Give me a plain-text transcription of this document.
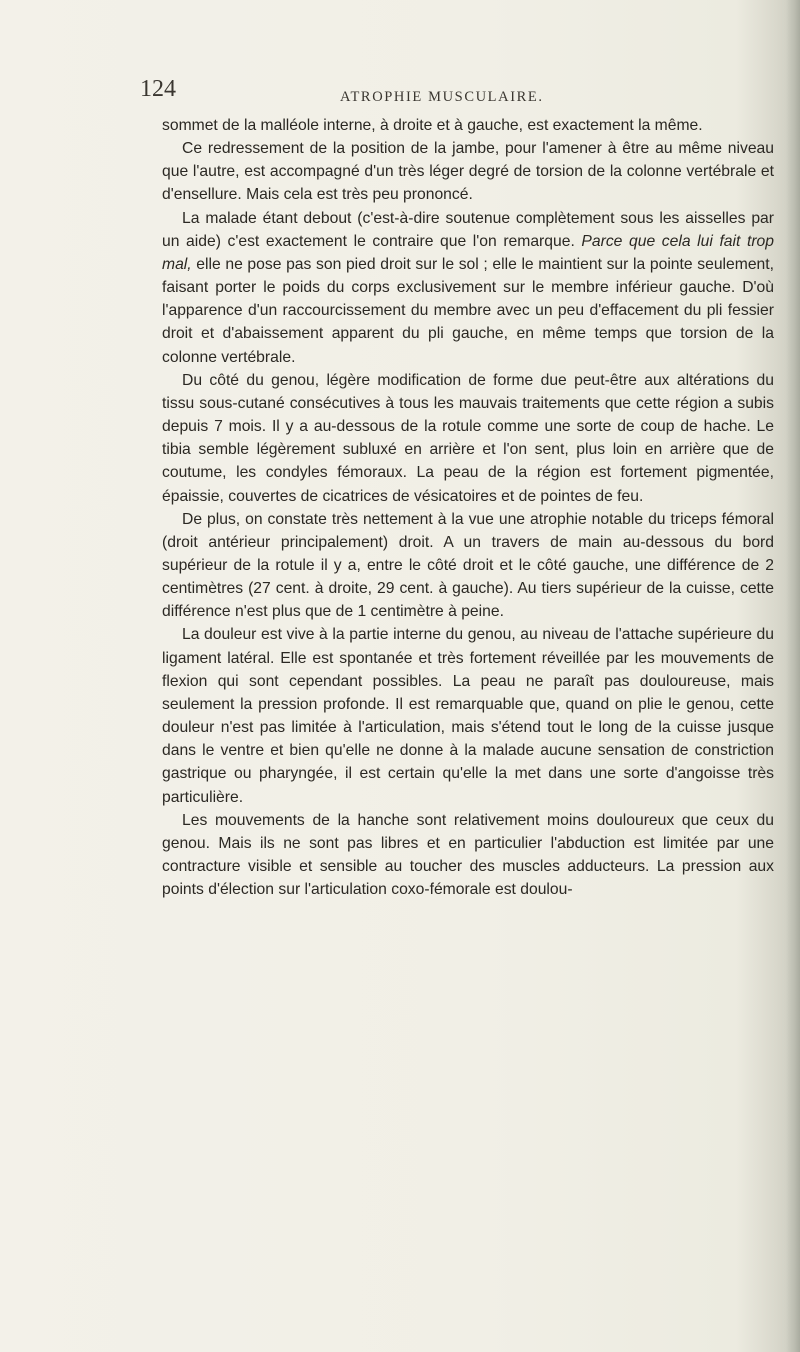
124	ATROPHIE MUSCULAIRE.

sommet de la malléole interne, à droite et à gauche, est exactement la même.

Ce redressement de la position de la jambe, pour l'amener à être au même niveau que l'autre, est accompagné d'un très léger degré de torsion de la colonne vertébrale et d'ensellure. Mais cela est très peu prononcé.

La malade étant debout (c'est-à-dire soutenue complètement sous les aisselles par un aide) c'est exactement le contraire que l'on remarque. Parce que cela lui fait trop mal, elle ne pose pas son pied droit sur le sol ; elle le maintient sur la pointe seulement, faisant porter le poids du corps exclusivement sur le membre inférieur gauche. D'où l'apparence d'un raccourcissement du membre avec un peu d'effacement du pli fessier droit et d'abaissement apparent du pli gauche, en même temps que torsion de la colonne vertébrale.

Du côté du genou, légère modification de forme due peut-être aux altérations du tissu sous-cutané consécutives à tous les mauvais traitements que cette région a subis depuis 7 mois. Il y a au-dessous de la rotule comme une sorte de coup de hache. Le tibia semble légèrement subluxé en arrière et l'on sent, plus loin en arrière que de coutume, les condyles fémoraux. La peau de la région est fortement pigmentée, épaissie, couvertes de cicatrices de vésicatoires et de pointes de feu.

De plus, on constate très nettement à la vue une atrophie notable du triceps fémoral (droit antérieur principalement) droit. A un travers de main au-dessous du bord supérieur de la rotule il y a, entre le côté droit et le côté gauche, une différence de 2 centimètres (27 cent. à droite, 29 cent. à gauche). Au tiers supérieur de la cuisse, cette différence n'est plus que de 1 centimètre à peine.

La douleur est vive à la partie interne du genou, au niveau de l'attache supérieure du ligament latéral. Elle est spontanée et très fortement réveillée par les mouvements de flexion qui sont cependant possibles. La peau ne paraît pas douloureuse, mais seulement la pression profonde. Il est remarquable que, quand on plie le genou, cette douleur n'est pas limitée à l'articulation, mais s'étend tout le long de la cuisse jusque dans le ventre et bien qu'elle ne donne à la malade aucune sensation de constriction gastrique ou pharyngée, il est certain qu'elle la met dans une sorte d'angoisse très particulière.

Les mouvements de la hanche sont relativement moins douloureux que ceux du genou. Mais ils ne sont pas libres et en particulier l'abduction est limitée par une contracture visible et sensible au toucher des muscles adducteurs. La pression aux points d'élection sur l'articulation coxo-fémorale est doulou-
